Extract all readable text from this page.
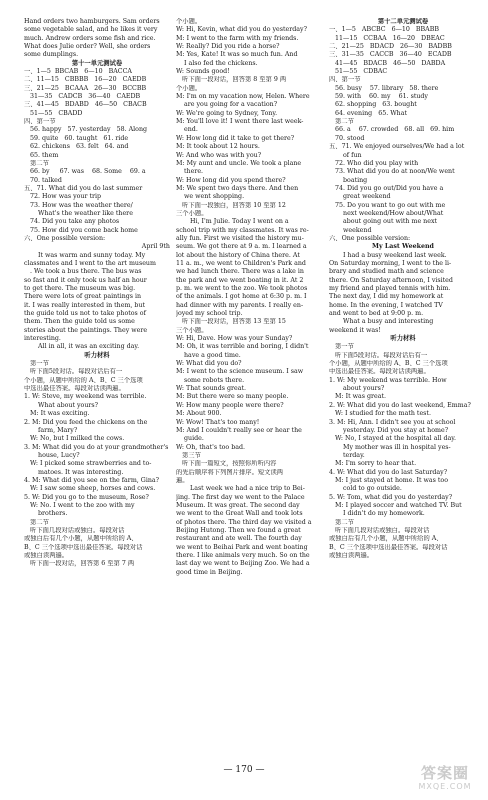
Hand orders two hamburgers. Sam orders
some vegetable salad, and he likes it very
much. Andrew orders some fish and rice.
What does Julie order? Well, she orders
some dumplings.
第十一单元测试卷
一、1—5  BBCAB   6—10   BACCA
二、11—15   CBBBB   16—20   CAEDB
三、21—25   BCAAA   26—30   BCCBB
31—35   CADCB   36—40   CAEDB
三、41—45   BDABD   46—50   CBACB
51—55   CBADD
四、第一节
56. happy   57. yesterday   58. Along
59. quite   60. taught   61. ride
62. chickens   63. felt   64. and
65. them
第二节
66. by     67. was    68. Some    69. a
70. talked
五、71. What did you do last summer
72. How was your trip
73. How was the weather there/
What's the weather like there
74. Did you take any photos
75. How did you come back home
六、One possible version:
April 9th
It was warm and sunny today. My
classmates and I went to the art museum
. We took a bus there. The bus was
so fast and it only took us half an hour
to get there. The museum was big.
There were lots of great paintings in
it. I was really interested in them, but
the guide told us not to take photos of
them. Then the guide told us some
stories about the paintings. They were
interesting.
All in all, it was an exciting day.
听力材料
第一节
听下面5段对话。每段对话后有一
个小题，从题中所给的 A、B、C 三个选项
中选出最佳答案。每段对话读两遍。
1. W: Steve, my weekend was terrible.
What about yours?
M: It was exciting.
2. M: Did you feed the chickens on the
farm, Mary?
W: No, but I milked the cows.
3. M: What did you do at your grandmother's
house, Lucy?
W: I picked some strawberries and to-
matoes. It was interesting.
4. M: What did you see on the farm, Gina?
W: I saw some sheep, horses and cows.
5. W: Did you go to the museum, Rose?
W: No. I went to the zoo with my
brothers.
第二节
听下面几段对话或独白。每段对话
或独白后有几个小题，从题中所给的 A、
B、C 三个选项中选出最佳答案。每段对话
或独白读两遍。
听下面一段对话，回答第 6 至第 7 两
个小题。
W: Hi, Kevin, what did you do yesterday?
M: I went to the farm with my friends.
W: Really? Did you ride a horse?
M: Yes, Kate! It was so much fun. And
I also fed the chickens.
W: Sounds good!
听下面一段对话，回答第 8 至第 9 两
个小题。
M: I'm on my vacation now, Helen. Where
are you going for a vacation?
W: We're going to Sydney, Tony.
M: You'll love it! I went there last week-
end.
W: How long did it take to get there?
M: It took about 12 hours.
W: And who was with you?
M: My aunt and uncle. We took a plane
there.
W: How long did you spend there?
M: We spent two days there. And then
we went shopping.
听下面一段独白，回答第 10 至第 12
三个小题。
Hi, I'm Julie. Today I went on a
school trip with my classmates. It was re-
ally fun. First we visited the history mu-
seum. We got there at 9 a. m. I learned a
lot about the history of China there. At
11 a. m., we went to Children's Park and
we had lunch there. There was a lake in
the park and we went boating in it. At 2
p. m. we went to the zoo. We took photos
of the animals. I got home at 6:30 p. m. I
had dinner with my parents. I really en-
joyed my school trip.
听下面一段对话，回答第 13 至第 15
三个小题。
W: Hi, Dave. How was your Sunday?
M: Oh, it was terrible and boring, I didn't
have a good time.
W: What did you do?
M: I went to the science museum. I saw
some robots there.
W: That sounds great.
M: But there were so many people.
W: How many people were there?
M: About 900.
W: Wow! That's too many!
M: And I couldn't really see or hear the
guide.
W: Oh, that's too bad.
第三节
听下面一篇短文，按照你所听内容
的先后顺序将下列图片排序。短文读两
遍。
Last week we had a nice trip to Bei-
jing. The first day we went to the Palace
Museum. It was great. The second day
we went to the Great Wall and took lots
of photos there. The third day we visited a
Beijing Hutong. Then we found a great
restaurant and ate well. The fourth day
we went to Beihai Park and went boating
there. I like animals very much. So on the
last day we went to Beijing Zoo. We had a
good time in Beijing.
第十二单元测试卷
一、1—5   ABCBC   6—10   BBABB
11—15   CCBAA   16—20   DBEAC
二、21—25   BDACD   26—30   BADBB
三、31—35   CACCB   36—40   ECADB
41—45   BDACB   46—50   DABDA
51—55   CDBAC
四、第一节
56. busy    57. library   58. there
59. with    60. my    61. study
62. shopping   63. bought
64. evening   65. What
第二节
66. a    67. crowded   68. all   69. him
70. stood
五、71. We enjoyed ourselves/We had a lot
of fun
72. Who did you play with
73. What did you do at noon/We went
boating
74. Did you go out/Did you have a
great weekend
75. Do you want to go out with me
next weekend/How about/What
about going out with me next
weekend
六、One possible version:
My Last Weekend
I had a busy weekend last week.
On Saturday morning, I went to the li-
brary and studied math and science
there. On Saturday afternoon, I visited
my friend and played tennis with him.
The next day, I did my homework at
home. In the evening, I watched TV
and went to bed at 9:00 p. m.
What a busy and interesting
weekend it was!
听力材料
第一节
听下面5段对话。每段对话后有一
个小题，从题中所给的 A、B、C 三个选项
中选出最佳答案。每段对话读两遍。
1. W: My weekend was terrible. How
about yours?
M: It was great.
2. W: What did you do last weekend, Emma?
W: I studied for the math test.
3. M: Hi, Ann. I didn't see you at school
yesterday. Did you stay at home?
W: No, I stayed at the hospital all day.
My mother was ill in hospital yes-
terday.
M: I'm sorry to hear that.
4. W: What did you do last Saturday?
M: I just stayed at home. It was too
cold to go outside.
5. W: Tom, what did you do yesterday?
M: I played soccer and watched TV. But
I didn't do my homework.
第二节
听下面几段对话或独白。每段对话
或独白后有几个小题，从题中所给的 A、
B、C 三个选项中选出最佳答案。每段对话
或独白读两遍。
— 170 —	答案圈
MXQE.COM
